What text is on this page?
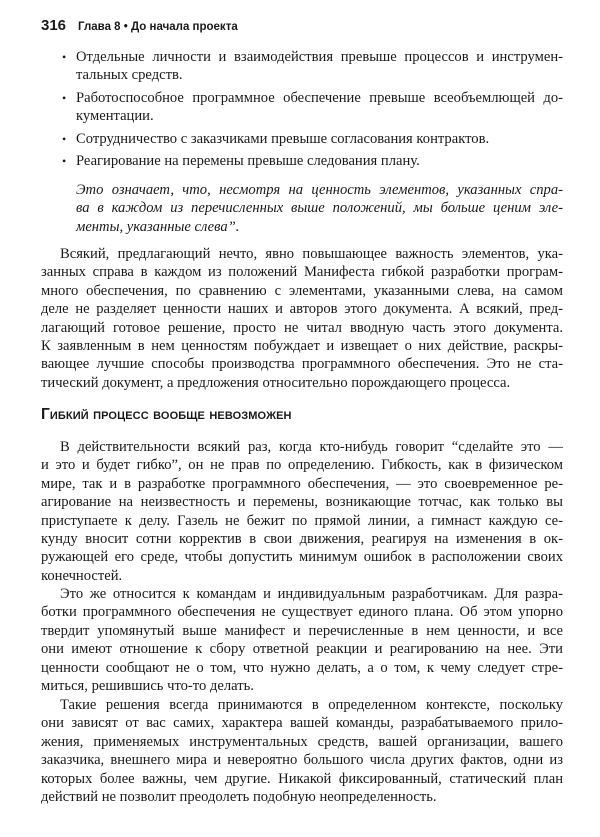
316 Глава 8 • До начала проекта
• Отдельные личности и взаимодействия превыше процессов и инструмен-
тальных средств.
• Работоспособное программное обеспечение превыше всеобъемлющей до-
кументации.
• Сотрудничество с заказчиками превыше согласования контрактов.
• Реагирование на перемены превыше следования плану.
Это означает, что, несмотря на ценность элементов, указанных спра-
ва в каждом из перечисленных выше положений, мы больше ценим эле-
менты, указанные слева”.
Всякий, предлагающий нечто, явно повышающее важность элементов, ука-
занных справа в каждом из положений Манифеста гибкой разработки програм-
много обеспечения, по сравнению с элементами, указанными слева, на самом
деле не разделяет ценности наших и авторов этого документа. А всякий, пред-
лагающий готовое решение, просто не читал вводную часть этого документа.
К заявленным в нем ценностям побуждает и извещает о них действие, раскры-
вающее лучшие способы производства программного обеспечения. Это не ста-
тический документ, а предложения относительно порождающего процесса.
Гибкий процесс вообще невозможен
В действительности всякий раз, когда кто-нибудь говорит “сделайте это —
и это и будет гибко”, он не прав по определению. Гибкость, как в физическом
мире, так и в разработке программного обеспечения, — это своевременное ре-
агирование на неизвестность и перемены, возникающие тотчас, как только вы
приступаете к делу. Газель не бежит по прямой линии, а гимнаст каждую се-
кунду вносит сотни корректив в свои движения, реагируя на изменения в ок-
ружающей его среде, чтобы допустить минимум ошибок в расположении своих
конечностей.
Это же относится к командам и индивидуальным разработчикам. Для разра-
ботки программного обеспечения не существует единого плана. Об этом упорно
твердит упомянутый выше манифест и перечисленные в нем ценности, и все
они имеют отношение к сбору ответной реакции и реагированию на нее. Эти
ценности сообщают не о том, что нужно делать, а о том, к чему следует стре-
миться, решившись что-то делать.
Такие решения всегда принимаются в определенном контексте, поскольку
они зависят от вас самих, характера вашей команды, разрабатываемого прило-
жения, применяемых инструментальных средств, вашей организации, вашего
заказчика, внешнего мира и невероятно большого числа других фактов, одни из
которых более важны, чем другие. Никакой фиксированный, статический план
действий не позволит преодолеть подобную неопределенность.
